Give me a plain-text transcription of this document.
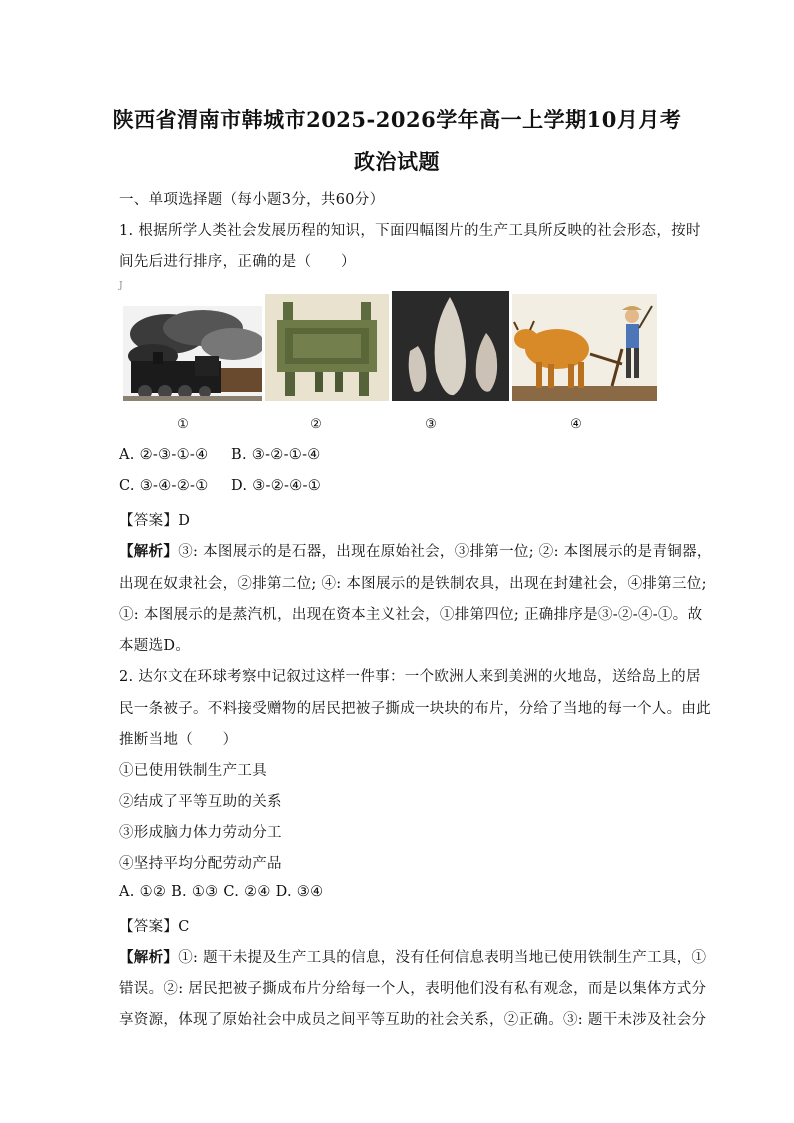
陕西省渭南市韩城市2025-2026学年高一上学期10月月考
政治试题
一、单项选择题（每小题3分，共60分）
1. 根据所学人类社会发展历程的知识，下面四幅图片的生产工具所反映的社会形态，按时
间先后进行排序，正确的是（　　）
J
①	②	③	④
A. ②-③-①-④ B. ③-②-①-④
C. ③-④-②-① D. ③-②-④-①
【答案】D
【解析】③: 本图展示的是石器，出现在原始社会，③排第一位; ②: 本图展示的是青铜器，
出现在奴隶社会，②排第二位; ④: 本图展示的是铁制农具，出现在封建社会，④排第三位;
①: 本图展示的是蒸汽机，出现在资本主义社会，①排第四位; 正确排序是③-②-④-①。故
本题选D。
2. 达尔文在环球考察中记叙过这样一件事：一个欧洲人来到美洲的火地岛，送给岛上的居
民一条被子。不料接受赠物的居民把被子撕成一块块的布片，分给了当地的每一个人。由此
推断当地（　　）
①已使用铁制生产工具
②结成了平等互助的关系
③形成脑力体力劳动分工
④坚持平均分配劳动产品
A. ①② B. ①③ C. ②④ D. ③④
【答案】C
【解析】①: 题干未提及生产工具的信息，没有任何信息表明当地已使用铁制生产工具，①
错误。②: 居民把被子撕成布片分给每一个人，表明他们没有私有观念，而是以集体方式分
享资源，体现了原始社会中成员之间平等互助的社会关系，②正确。③: 题干未涉及社会分
